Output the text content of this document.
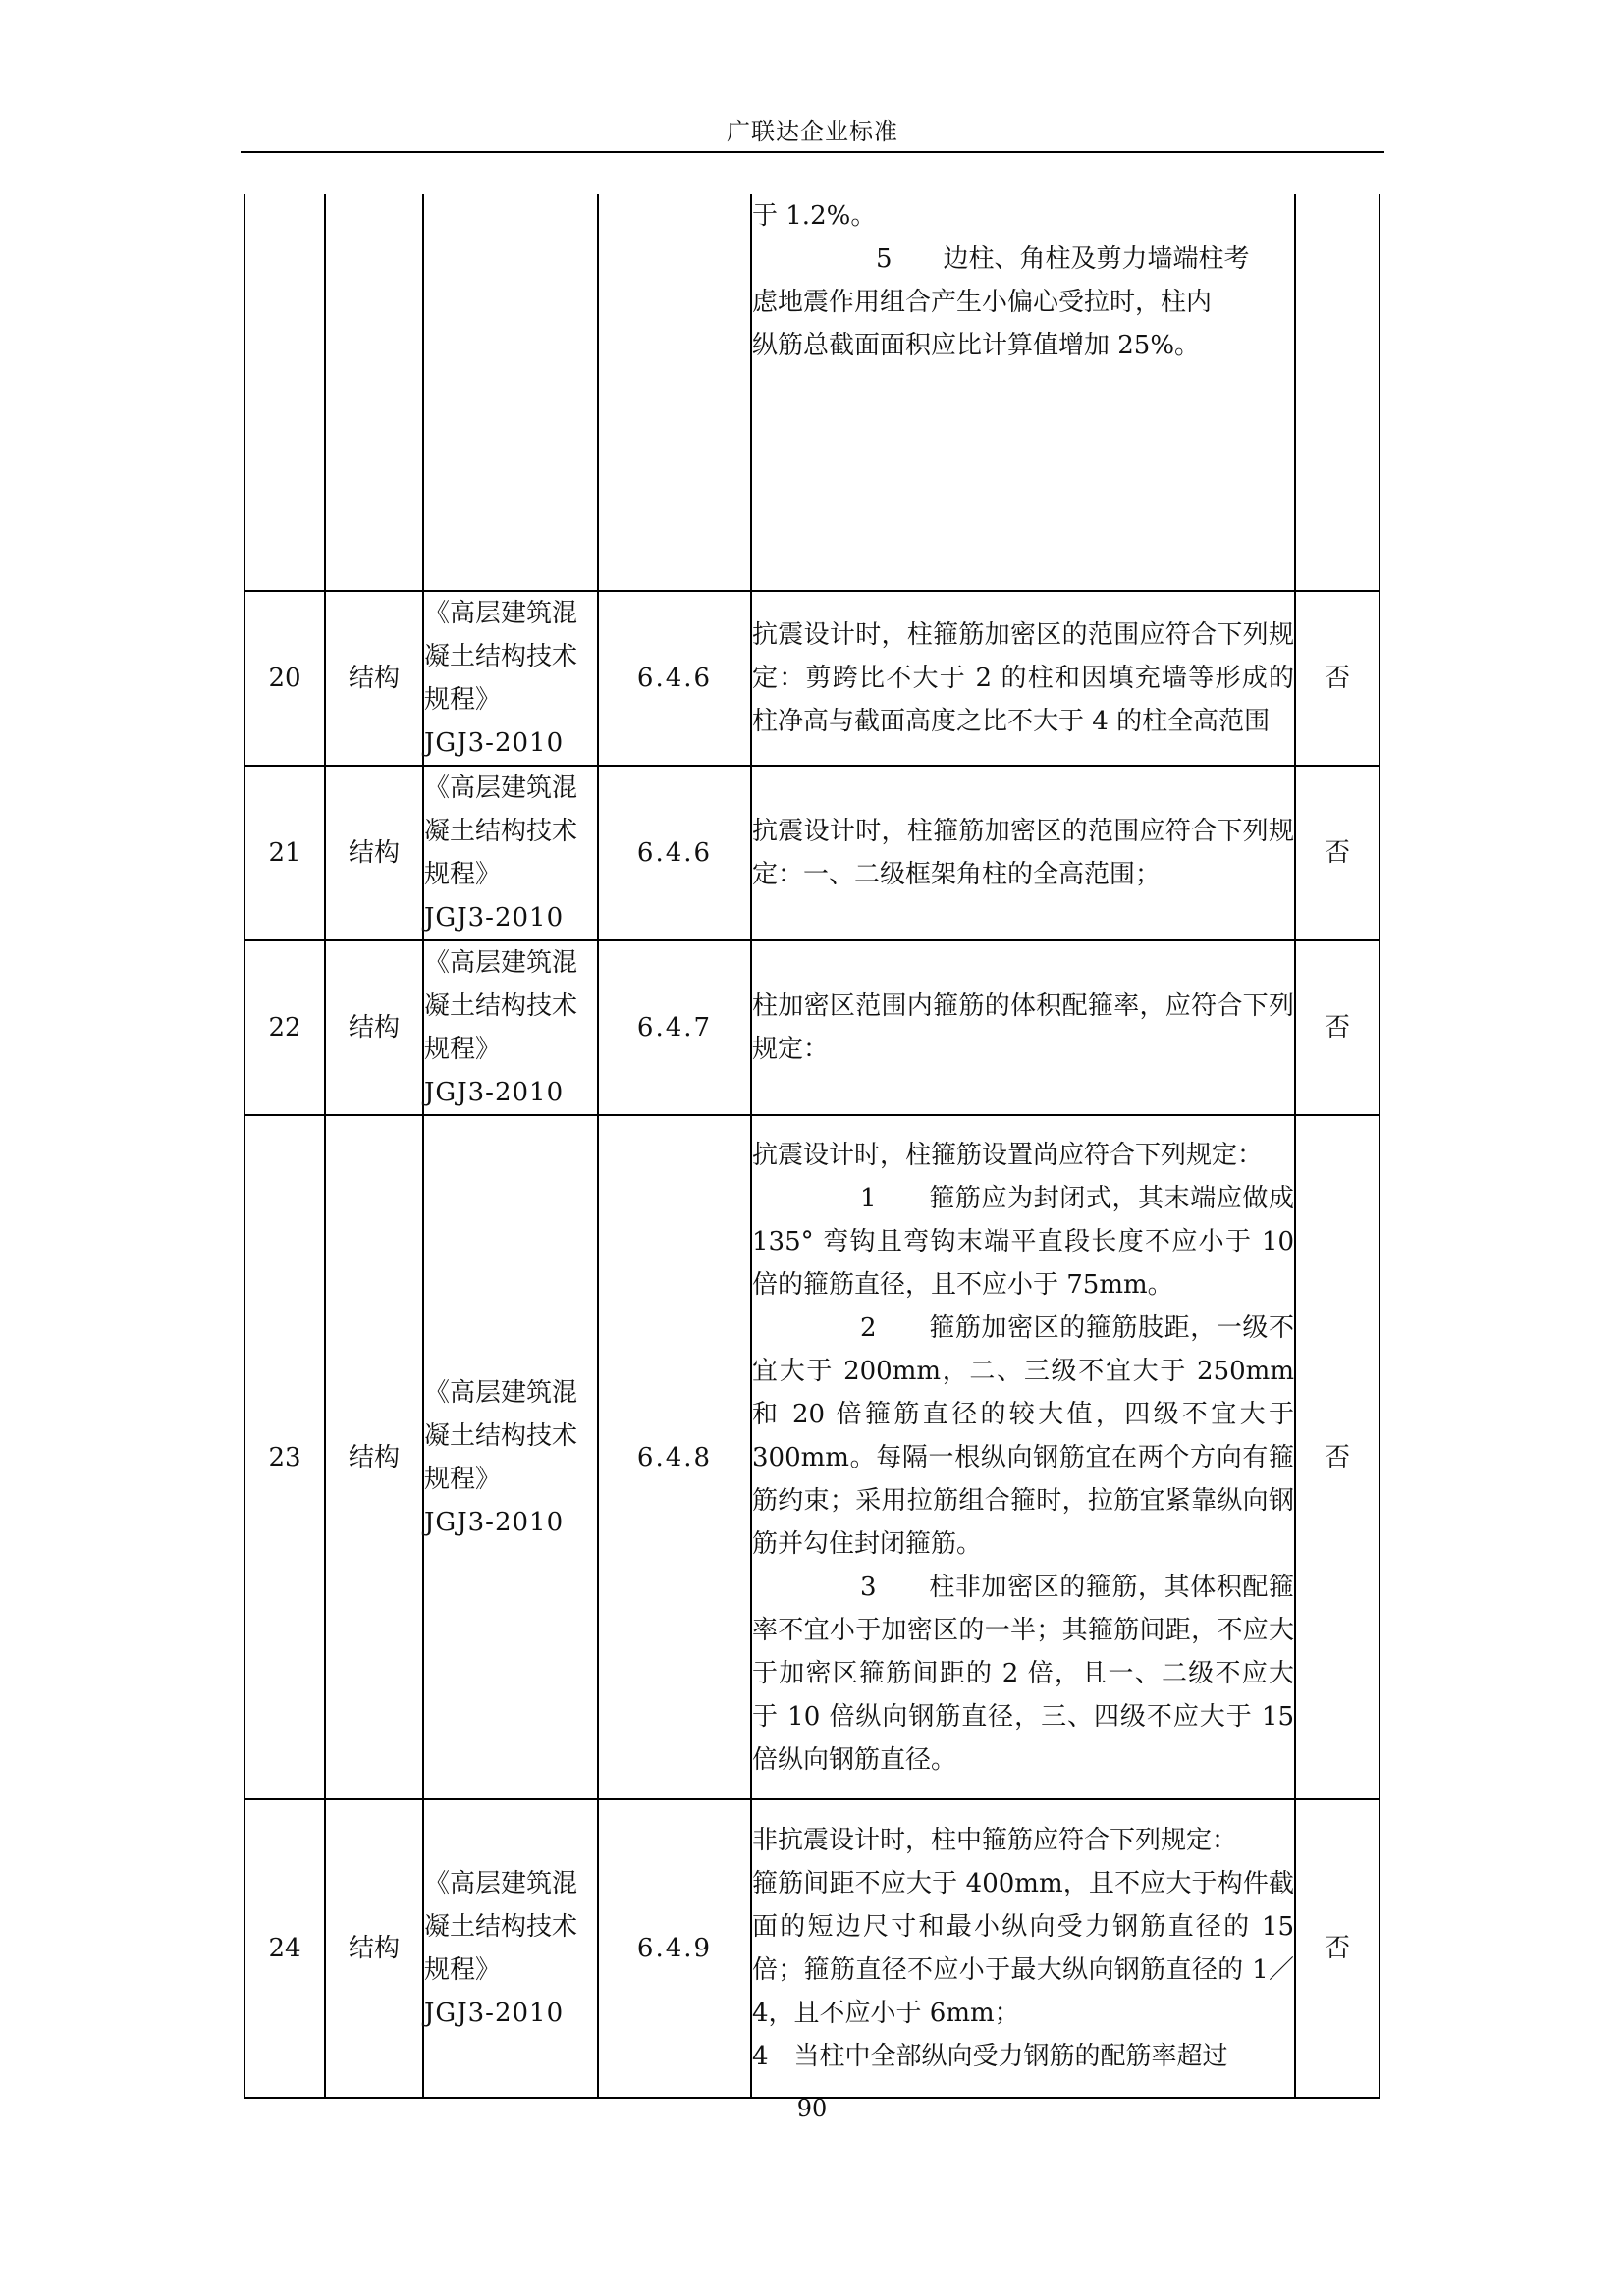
广联达企业标准

				于 1.2%。
5　　边柱、角柱及剪力墙端柱考
虑地震作用组合产生小偏心受拉时，柱内
纵筋总截面面积应比计算值增加 25%。	

20	结构	《高层建筑混凝土结构技术规程》
JGJ3-2010	6.4.6	抗震设计时，柱箍筋加密区的范围应符合下列规定：剪跨比不大于 2 的柱和因填充墙等形成的柱净高与截面高度之比不大于 4 的柱全高范围	否
21	结构	《高层建筑混凝土结构技术规程》
JGJ3-2010	6.4.6	抗震设计时，柱箍筋加密区的范围应符合下列规定：一、二级框架角柱的全高范围；	否
22	结构	《高层建筑混凝土结构技术规程》
JGJ3-2010	6.4.7	柱加密区范围内箍筋的体积配箍率，应符合下列规定：	否
23	结构	《高层建筑混凝土结构技术规程》
JGJ3-2010	6.4.8	抗震设计时，柱箍筋设置尚应符合下列规定：
1　　箍筋应为封闭式，其末端应做成 135° 弯钩且弯钩末端平直段长度不应小于 10 倍的箍筋直径，且不应小于 75mm。
2　　箍筋加密区的箍筋肢距，一级不宜大于 200mm，二、三级不宜大于 250mm 和 20 倍箍筋直径的较大值，四级不宜大于 300mm。每隔一根纵向钢筋宜在两个方向有箍筋约束；采用拉筋组合箍时，拉筋宜紧靠纵向钢筋并勾住封闭箍筋。
3　　柱非加密区的箍筋，其体积配箍率不宜小于加密区的一半；其箍筋间距，不应大于加密区箍筋间距的 2 倍，且一、二级不应大于 10 倍纵向钢筋直径，三、四级不应大于 15 倍纵向钢筋直径。	否
24	结构	《高层建筑混凝土结构技术规程》
JGJ3-2010	6.4.9	非抗震设计时，柱中箍筋应符合下列规定：
箍筋间距不应大于 400mm，且不应大于构件截面的短边尺寸和最小纵向受力钢筋直径的 15 倍；箍筋直径不应小于最大纵向钢筋直径的 1／4，且不应小于 6mm；
4　当柱中全部纵向受力钢筋的配筋率超过	否
90
